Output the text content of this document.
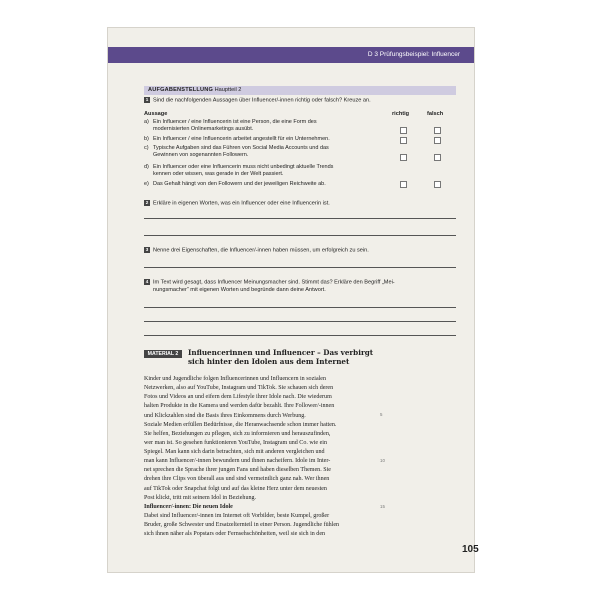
D 3 Prüfungsbeispiel: Influencer
AUFGABENSTELLUNG Hauptteil 2
1 Sind die nachfolgenden Aussagen über Influencer/-innen richtig oder falsch? Kreuze an.
Aussage	richtig	falsch
a) Ein Influencer / eine Influencerin ist eine Person, die eine Form des
modernisierten Onlinemarketings ausübt.
b) Ein Influencer / eine Influencerin arbeitet angestellt für ein Unternehmen.
c) Typische Aufgaben sind das Führen von Social Media Accounts und das
Gewinnen von sogenannten Followern.
d) Ein Influencer oder eine Influencerin muss nicht unbedingt aktuelle Trends
kennen oder wissen, was gerade in der Welt passiert.
e) Das Gehalt hängt von den Followern und der jeweiligen Reichweite ab.
2 Erkläre in eigenen Worten, was ein Influencer oder eine Influencerin ist.
3 Nenne drei Eigenschaften, die Influencer/-innen haben müssen, um erfolgreich zu sein.
4 Im Text wird gesagt, dass Influencer Meinungsmacher sind. Stimmt das? Erkläre den Begriff „Mei-
nungsmacher“ mit eigenen Worten und begründe dann deine Antwort.
MATERIAL 2	Influencerinnen und Influencer – Das verbirgt
sich hinter den Idolen aus dem Internet
Kinder und Jugendliche folgen Influencerinnen und Influencern in sozialen
Netzwerken, also auf YouTube, Instagram und TikTok. Sie schauen sich deren
Fotos und Videos an und eifern dem Lifestyle ihrer Idole nach. Die wiederum
halten Produkte in die Kamera und werden dafür bezahlt. Ihre Follower/-innen
und Klickzahlen sind die Basis ihres Einkommens durch Werbung.
Soziale Medien erfüllen Bedürfnisse, die Heranwachsende schon immer hatten.
Sie helfen, Beziehungen zu pflegen, sich zu informieren und herauszufinden,
wer man ist. So gesehen funktionieren YouTube, Instagram und Co. wie ein
Spiegel. Man kann sich darin betrachten, sich mit anderen vergleichen und
man kann Influencer/-innen bewundern und ihnen nacheifern. Idole im Inter-
net sprechen die Sprache ihrer jungen Fans und haben dieselben Themen. Sie
drehen ihre Clips von überall aus und sind vermeintlich ganz nah. Wer ihnen
auf TikTok oder Snapchat folgt und auf das kleine Herz unter dem neuesten
Post klickt, tritt mit seinem Idol in Beziehung.
Influencer/-innen: Die neuen Idole
Dabei sind Influencer/-innen im Internet oft Vorbilder, beste Kumpel, großer
Bruder, große Schwester und Ersatzelternteil in einer Person. Jugendliche fühlen
sich ihnen näher als Popstars oder Fernsehschönheiten, weil sie sich in den
5
10
15
105
